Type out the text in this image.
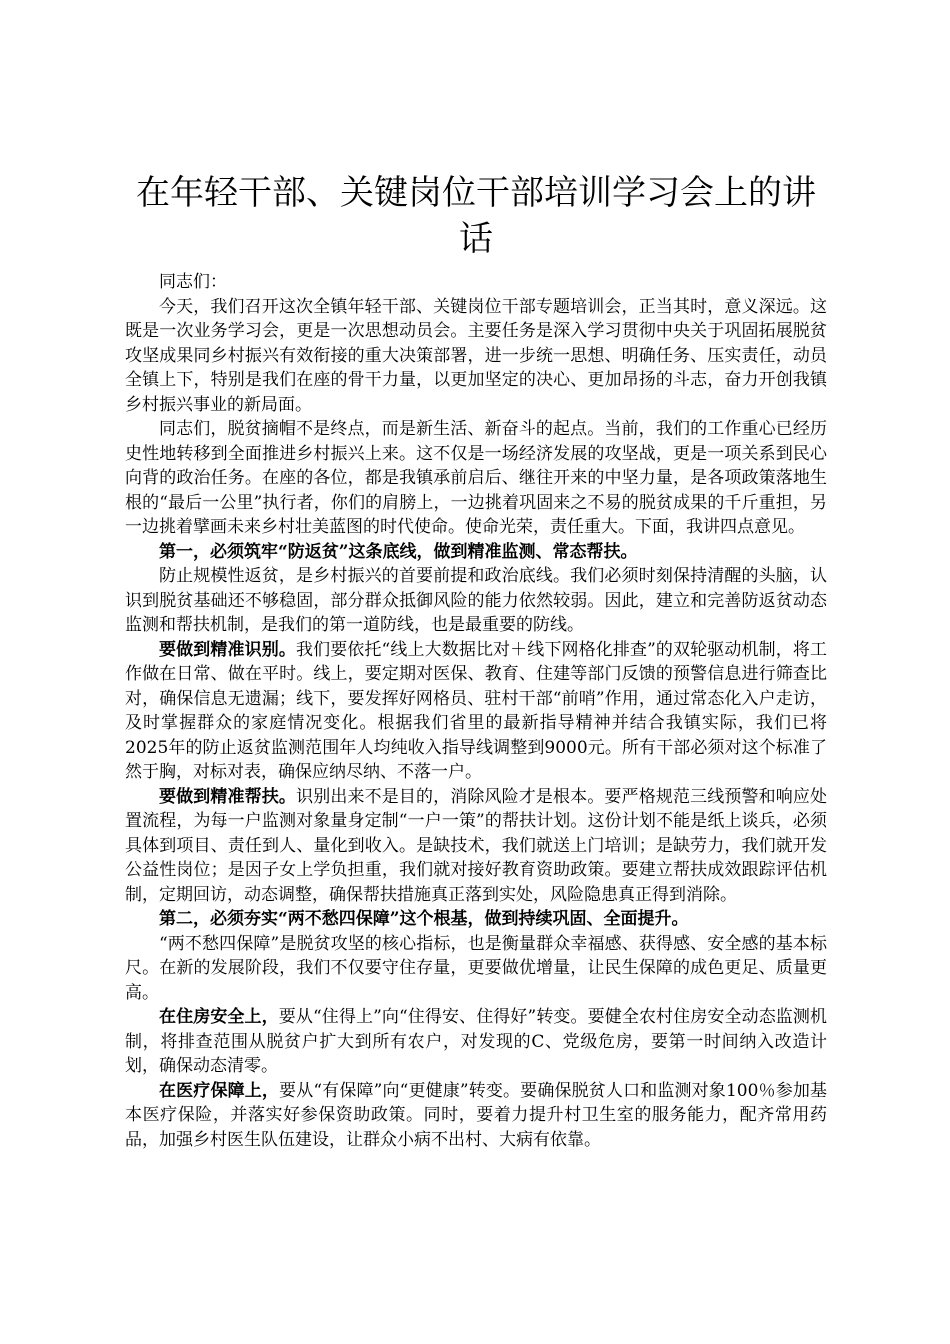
在年轻干部、关键岗位干部培训学习会上的讲话

同志们：

今天，我们召开这次全镇年轻干部、关键岗位干部专题培训会，正当其时，意义深远。这既是一次业务学习会，更是一次思想动员会。主要任务是深入学习贯彻中央关于巩固拓展脱贫攻坚成果同乡村振兴有效衔接的重大决策部署，进一步统一思想、明确任务、压实责任，动员全镇上下，特别是我们在座的骨干力量，以更加坚定的决心、更加昂扬的斗志，奋力开创我镇乡村振兴事业的新局面。

同志们，脱贫摘帽不是终点，而是新生活、新奋斗的起点。当前，我们的工作重心已经历史性地转移到全面推进乡村振兴上来。这不仅是一场经济发展的攻坚战，更是一项关系到民心向背的政治任务。在座的各位，都是我镇承前启后、继往开来的中坚力量，是各项政策落地生根的“最后一公里”执行者，你们的肩膀上，一边挑着巩固来之不易的脱贫成果的千斤重担，另一边挑着擘画未来乡村壮美蓝图的时代使命。使命光荣，责任重大。下面，我讲四点意见。

第一，必须筑牢“防返贫”这条底线，做到精准监测、常态帮扶。

防止规模性返贫，是乡村振兴的首要前提和政治底线。我们必须时刻保持清醒的头脑，认识到脱贫基础还不够稳固，部分群众抵御风险的能力依然较弱。因此，建立和完善防返贫动态监测和帮扶机制，是我们的第一道防线，也是最重要的防线。

要做到精准识别。我们要依托“线上大数据比对＋线下网格化排查”的双轮驱动机制，将工作做在日常、做在平时。线上，要定期对医保、教育、住建等部门反馈的预警信息进行筛查比对，确保信息无遗漏；线下，要发挥好网格员、驻村干部“前哨”作用，通过常态化入户走访，及时掌握群众的家庭情况变化。根据我们省里的最新指导精神并结合我镇实际，我们已将2025年的防止返贫监测范围年人均纯收入指导线调整到9000元。所有干部必须对这个标准了然于胸，对标对表，确保应纳尽纳、不落一户。

要做到精准帮扶。识别出来不是目的，消除风险才是根本。要严格规范三线预警和响应处置流程，为每一户监测对象量身定制“一户一策”的帮扶计划。这份计划不能是纸上谈兵，必须具体到项目、责任到人、量化到收入。是缺技术，我们就送上门培训；是缺劳力，我们就开发公益性岗位；是因子女上学负担重，我们就对接好教育资助政策。要建立帮扶成效跟踪评估机制，定期回访，动态调整，确保帮扶措施真正落到实处，风险隐患真正得到消除。

第二，必须夯实“两不愁四保障”这个根基，做到持续巩固、全面提升。

“两不愁四保障”是脱贫攻坚的核心指标，也是衡量群众幸福感、获得感、安全感的基本标尺。在新的发展阶段，我们不仅要守住存量，更要做优增量，让民生保障的成色更足、质量更高。

在住房安全上，要从“住得上”向“住得安、住得好”转变。要健全农村住房安全动态监测机制，将排查范围从脱贫户扩大到所有农户，对发现的C、党级危房，要第一时间纳入改造计划，确保动态清零。

在医疗保障上，要从“有保障”向“更健康”转变。要确保脱贫人口和监测对象100％参加基本医疗保险，并落实好参保资助政策。同时，要着力提升村卫生室的服务能力，配齐常用药品，加强乡村医生队伍建设，让群众小病不出村、大病有依靠。
